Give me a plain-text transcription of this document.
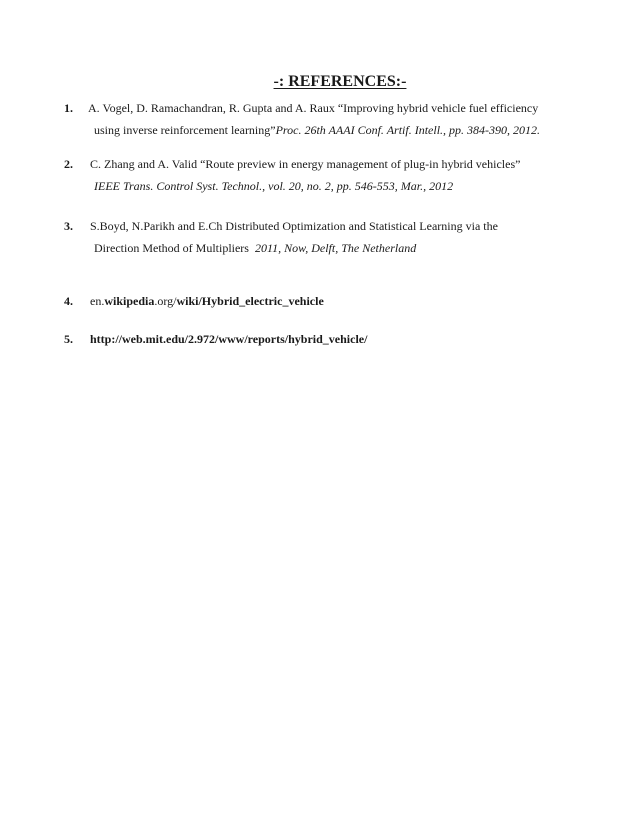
-: REFERENCES:-
1.	A. Vogel, D. Ramachandran, R. Gupta and A. Raux “Improving hybrid vehicle fuel efficiency
using inverse reinforcement learning”Proc. 26th AAAI Conf. Artif. Intell., pp. 384-390, 2012.
2.	C. Zhang and A. Valid “Route preview in energy management of plug-in hybrid vehicles”
IEEE Trans. Control Syst. Technol., vol. 20, no. 2, pp. 546-553, Mar., 2012
3.	S.Boyd, N.Parikh and E.Ch Distributed Optimization and Statistical Learning via the
Direction Method of Multipliers 2011, Now, Delft, The Netherland
4.	en.wikipedia.org/wiki/Hybrid_electric_vehicle
5.	http://web.mit.edu/2.972/www/reports/hybrid_vehicle/
